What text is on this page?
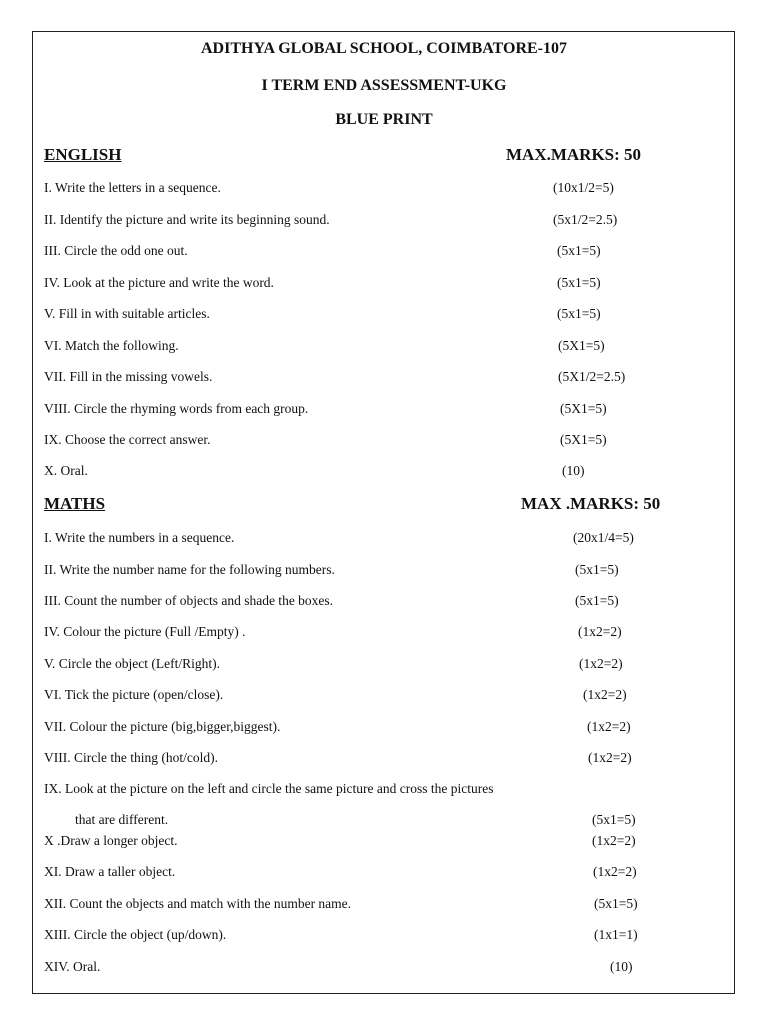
ADITHYA GLOBAL SCHOOL, COIMBATORE-107
I TERM END ASSESSMENT-UKG
BLUE PRINT
ENGLISH	MAX.MARKS: 50
I. Write the letters in a sequence.	(10x1/2=5)
II. Identify the picture and write its beginning sound.	(5x1/2=2.5)
III. Circle the odd one out.	(5x1=5)
IV. Look at the picture and write the word.	(5x1=5)
V. Fill in with suitable articles.	(5x1=5)
VI. Match the following.	(5X1=5)
VII. Fill in the missing vowels.	(5X1/2=2.5)
VIII. Circle the rhyming words from each group.	(5X1=5)
IX. Choose the correct answer.	(5X1=5)
X. Oral.	(10)
MATHS	MAX .MARKS: 50
I. Write the numbers in a sequence.	(20x1/4=5)
II. Write the number name for the following numbers.	(5x1=5)
III. Count the number of objects and shade the boxes.	(5x1=5)
IV. Colour the picture (Full /Empty) .	(1x2=2)
V. Circle the object (Left/Right).	(1x2=2)
VI. Tick the picture (open/close).	(1x2=2)
VII. Colour the picture (big,bigger,biggest).	(1x2=2)
VIII. Circle the thing (hot/cold).	(1x2=2)
IX. Look at the picture on the left and circle the same picture and cross the pictures
that are different.	(5x1=5)
X .Draw a longer object.	(1x2=2)
XI. Draw a taller object.	(1x2=2)
XII. Count the objects and match with the number name.	(5x1=5)
XIII. Circle the object (up/down).	(1x1=1)
XIV. Oral.	(10)
